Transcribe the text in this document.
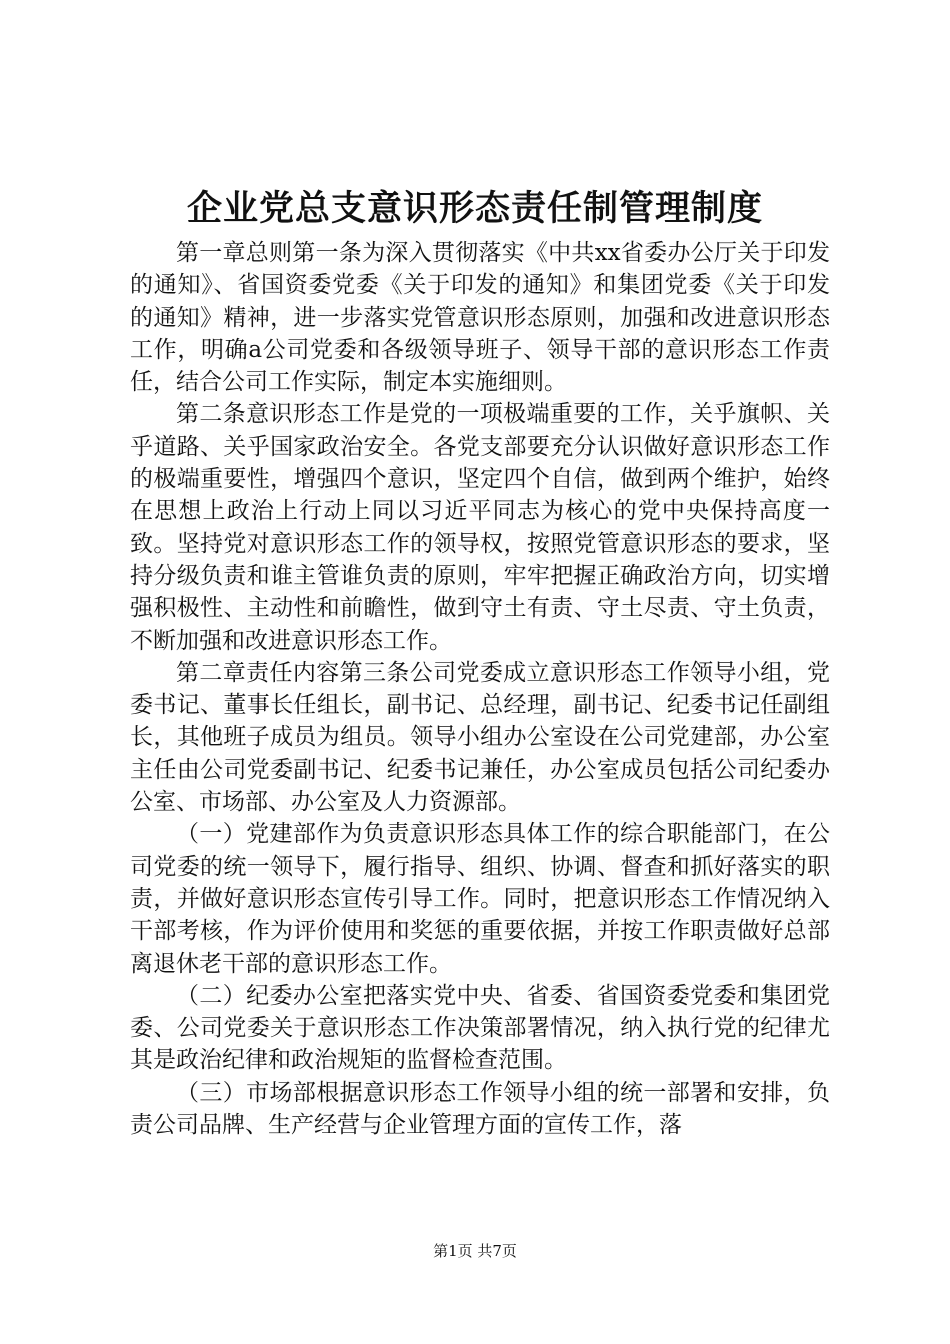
企业党总支意识形态责任制管理制度

第一章总则第一条为深入贯彻落实《中共xx省委办公厅关于印发的通知》、省国资委党委《关于印发的通知》和集团党委《关于印发的通知》精神，进一步落实党管意识形态原则，加强和改进意识形态工作，明确a公司党委和各级领导班子、领导干部的意识形态工作责任，结合公司工作实际，制定本实施细则。

第二条意识形态工作是党的一项极端重要的工作，关乎旗帜、关乎道路、关乎国家政治安全。各党支部要充分认识做好意识形态工作的极端重要性，增强四个意识，坚定四个自信，做到两个维护，始终在思想上政治上行动上同以习近平同志为核心的党中央保持高度一致。坚持党对意识形态工作的领导权，按照党管意识形态的要求，坚持分级负责和谁主管谁负责的原则，牢牢把握正确政治方向，切实增强积极性、主动性和前瞻性，做到守土有责、守土尽责、守土负责，不断加强和改进意识形态工作。

第二章责任内容第三条公司党委成立意识形态工作领导小组，党委书记、董事长任组长，副书记、总经理，副书记、纪委书记任副组长，其他班子成员为组员。领导小组办公室设在公司党建部，办公室主任由公司党委副书记、纪委书记兼任，办公室成员包括公司纪委办公室、市场部、办公室及人力资源部。

（一）党建部作为负责意识形态具体工作的综合职能部门，在公司党委的统一领导下，履行指导、组织、协调、督查和抓好落实的职责，并做好意识形态宣传引导工作。同时，把意识形态工作情况纳入干部考核，作为评价使用和奖惩的重要依据，并按工作职责做好总部离退休老干部的意识形态工作。

（二）纪委办公室把落实党中央、省委、省国资委党委和集团党委、公司党委关于意识形态工作决策部署情况，纳入执行党的纪律尤其是政治纪律和政治规矩的监督检查范围。

（三）市场部根据意识形态工作领导小组的统一部署和安排，负责公司品牌、生产经营与企业管理方面的宣传工作，落

第1页 共7页
